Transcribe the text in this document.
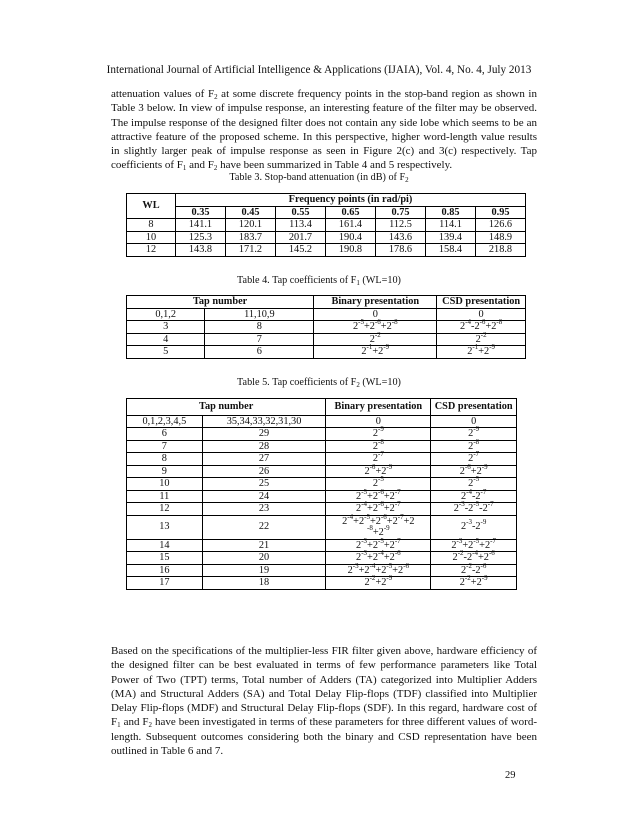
International Journal of Artificial Intelligence & Applications (IJAIA), Vol. 4, No. 4, July 2013

attenuation values of $F_2$ at some discrete frequency points in the stop-band region as shown in Table 3 below. In view of impulse response, an interesting feature of the filter may be observed. The impulse response of the designed filter does not contain any side lobe which seems to be an attractive feature of the proposed scheme. In this perspective, higher word-length value results in slightly larger peak of impulse response as seen in Figure 2(c) and 3(c) respectively. Tap coefficients of $F_1$ and $F_2$ have been summarized in Table 4 and 5 respectively.

Table 3. Stop-band attenuation (in dB) of $F_2$
WL	Frequency points (in rad/pi)						
	0.35	0.45	0.55	0.65	0.75	0.85	0.95
8	141.1	120.1	113.4	161.4	112.5	114.1	126.6
10	125.3	183.7	201.7	190.4	143.6	139.4	148.9
12	143.8	171.2	145.2	190.8	178.6	158.4	218.8
Table 4. Tap coefficients of $F_1$ (WL=10)
Tap number		Binary presentation	CSD presentation
0,1,2	11,10,9	0	0
3	8	$2^{-5}+2^{-6}+2^{-8}$	$2^{-4}-2^{-6}+2^{-8}$
4	7	$2^{-2}$	$2^{-2}$
5	6	$2^{-1}+2^{-9}$	$2^{-1}+2^{-9}$
Table 5. Tap coefficients of $F_2$ (WL=10)
Tap number		Binary presentation	CSD presentation
0,1,2,3,4,5	35,34,33,32,31,30	0	0
6	29	$2^{-9}$	$2^{-9}$
7	28	$2^{-8}$	$2^{-8}$
8	27	$2^{-7}$	$2^{-7}$
9	26	$2^{-6}+2^{-9}$	$2^{-6}+2^{-9}$
10	25	$2^{-5}$	$2^{-5}$
11	24	$2^{-5}+2^{-6}+2^{-7}$	$2^{-4}-2^{-7}$
12	23	$2^{-4}+2^{-6}+2^{-7}$	$2^{-3}-2^{-5}-2^{-7}$
13	22	$2^{-4}+2^{-5}+2^{-6}+2^{-7}+2$
$^{-8}+2^{-9}$	$2^{-3}-2^{-9}$
14	21	$2^{-3}+2^{-5}+2^{-7}$	$2^{-3}+2^{-5}+2^{-7}$
15	20	$2^{-3}+2^{-4}+2^{-6}$	$2^{-2}-2^{-4}+2^{-6}$
16	19	$2^{-3}+2^{-4}+2^{-5}+2^{-6}$	$2^{-2}-2^{-6}$
17	18	$2^{-2}+2^{-9}$	$2^{-2}+2^{-9}$

Based on the specifications of the multiplier-less FIR filter given above, hardware efficiency of the designed filter can be best evaluated in terms of few performance parameters like Total Power of Two (TPT) terms, Total number of Adders (TA) categorized into Multiplier Adders (MA) and Structural Adders (SA) and Total Delay Flip-flops (TDF) classified into Multiplier Delay Flip-flops (MDF) and Structural Delay Flip-flops (SDF). In this regard, hardware cost of $F_1$ and $F_2$ have been investigated in terms of these parameters for three different values of word-length. Subsequent outcomes considering both the binary and CSD representation have been outlined in Table 6 and 7.

29
